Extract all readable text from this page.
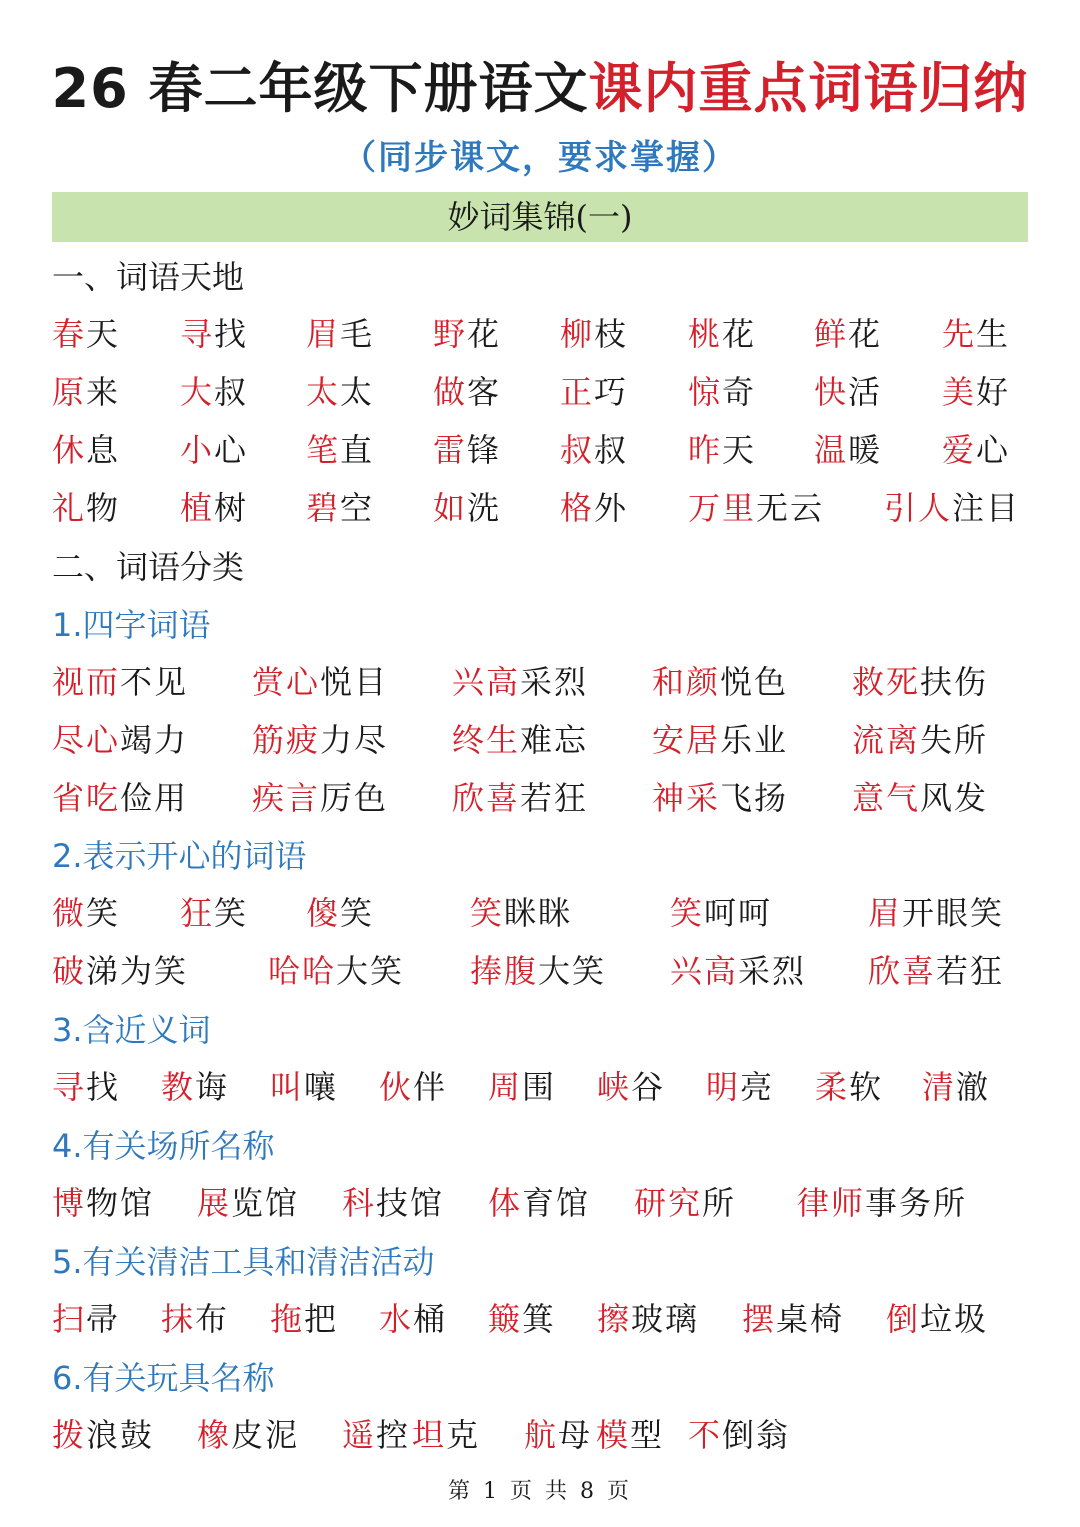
26 春二年级下册语文课内重点词语归纳
（同步课文，要求掌握）
妙词集锦(一)
一、词语天地
春天 寻找 眉毛 野花 柳枝 桃花 鲜花 先生
原来 大叔 太太 做客 正巧 惊奇 快活 美好
休息 小心 笔直 雷锋 叔叔 昨天 温暖 爱心
礼物 植树 碧空 如洗 格外 万里无云 引人注目
二、词语分类
1.四字词语
视而不见 赏心悦目 兴高采烈 和颜悦色 救死扶伤
尽心竭力 筋疲力尽 终生难忘 安居乐业 流离失所
省吃俭用 疾言厉色 欣喜若狂 神采飞扬 意气风发
2.表示开心的词语
微笑 狂笑 傻笑	笑眯眯	笑呵呵	眉开眼笑
破涕为笑 哈哈大笑 捧腹大笑 兴高采烈 欣喜若狂
3.含近义词
寻找 教诲 叫嚷 伙伴 周围 峡谷 明亮 柔软 清澈
4.有关场所名称
博物馆 展览馆 科技馆 体育馆 研究所 律师事务所
5.有关清洁工具和清洁活动
扫帚 抹布 拖把 水桶 簸箕 擦玻璃 摆桌椅 倒垃圾
6.有关玩具名称
拨浪鼓 橡皮泥 遥控 坦克 航母 模型 不倒翁
第 1 页 共 8 页
